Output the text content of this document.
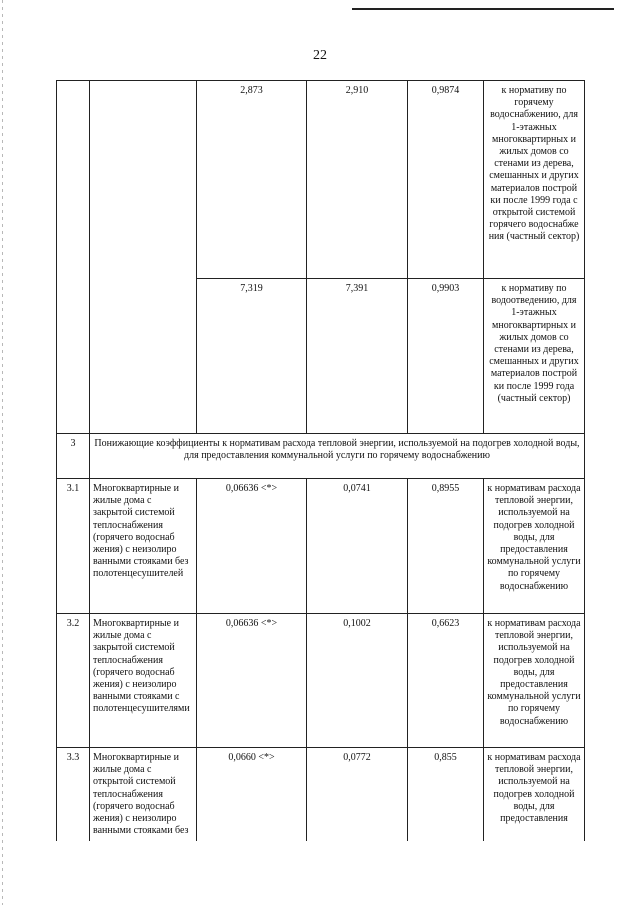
22
		2,873	2,910	0,9874	к нормативу по горячему водоснабжению, для 1-этажных многоквартирных и жилых домов со стенами из дерева, смешанных и других материалов построй ки после 1999 года с открытой системой горячего водоснабже ния (частный сектор)
		7,319	7,391	0,9903	к нормативу по водоотведению, для 1-этажных многоквартирных и жилых домов со стенами из дерева, смешанных и других материалов построй ки после 1999 года (частный сектор)
3	Понижающие коэффициенты к нормативам расхода тепловой энергии, используемой на подогрев холодной воды, для предоставления коммунальной услуги по горячему водоснабжению				
3.1	Многоквартирные и жилые дома с закрытой системой теплоснабжения (горячего водоснаб жения) с неизолиро ванными стояками без полотенцесушителей	0,06636 <*>	0,0741	0,8955	к нормативам расхода тепловой энергии, используемой на подогрев холодной воды, для предоставления коммунальной услуги по горячему водоснабжению
3.2	Многоквартирные и жилые дома с закрытой системой теплоснабжения (горячего водоснаб жения) с неизолиро ванными стояками с полотенцесушителями	0,06636 <*>	0,1002	0,6623	к нормативам расхода тепловой энергии, используемой на подогрев холодной воды, для предоставления коммунальной услуги по горячему водоснабжению
3.3	Многоквартирные и жилые дома с открытой системой теплоснабжения (горячего водоснаб жения) с неизолиро ванными стояками без	0,0660 <*>	0,0772	0,855	к нормативам расхода тепловой энергии, используемой на подогрев холодной воды, для предоставления
